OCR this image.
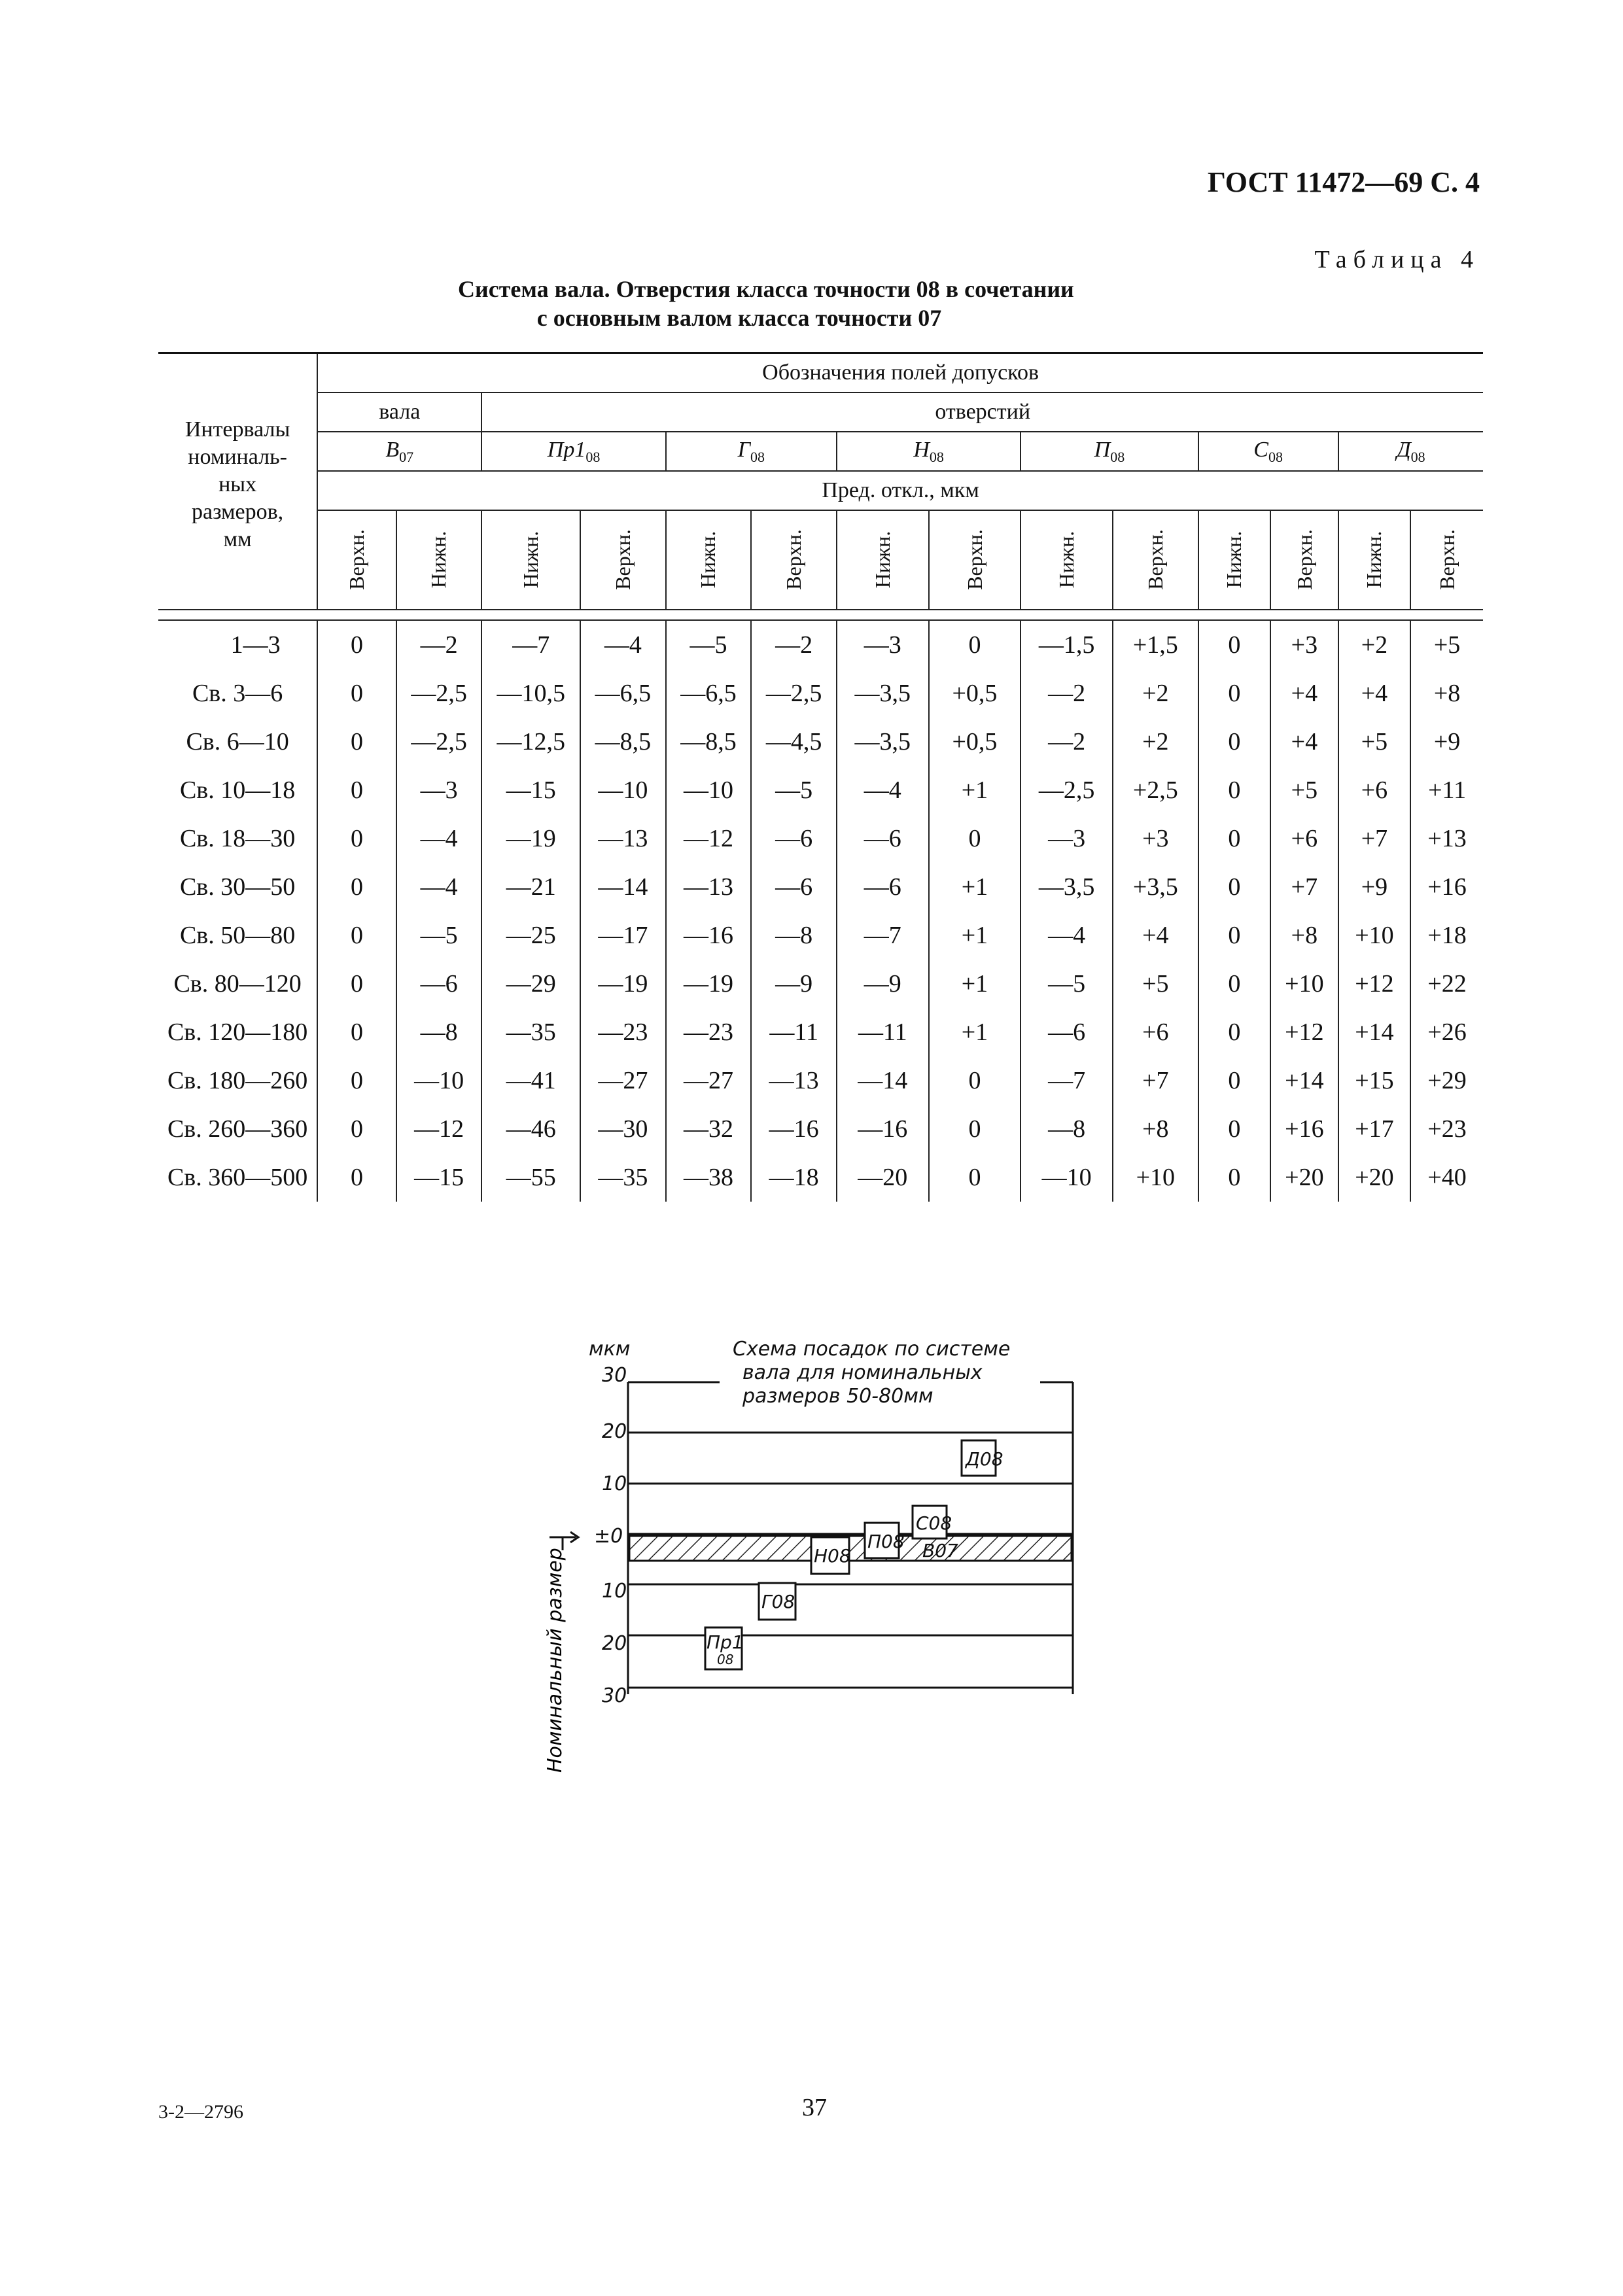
ГОСТ 11472—69 С. 4
Таблица 4
Система вала. Отверстия класса точности 08 в сочетании
с основным валом класса точности 07
Интервалы
номиналь-
ных
размеров,
мм	Обозначения полей допусков													
	вала		отверстий											
	$В_{07}$		$Пр1_{08}$		$Г_{08}$		$Н_{08}$		$П_{08}$		$С_{08}$		$Д_{08}$
	Пред. откл., мкм													
	Верхн.	Нижн.	Нижн.	Верхн.	Нижн.	Верхн.	Нижн.	Верхн.	Нижн.	Верхн.	Нижн.	Верхн.	Нижн.	Верхн.

1—3	0	—2	—7	—4	—5	—2	—3	0	—1,5	+1,5	0	+3	+2	+5
Св. 3—6	0	—2,5	—10,5	—6,5	—6,5	—2,5	—3,5	+0,5	—2	+2	0	+4	+4	+8
Св. 6—10	0	—2,5	—12,5	—8,5	—8,5	—4,5	—3,5	+0,5	—2	+2	0	+4	+5	+9
Св. 10—18	0	—3	—15	—10	—10	—5	—4	+1	—2,5	+2,5	0	+5	+6	+11
Св. 18—30	0	—4	—19	—13	—12	—6	—6	0	—3	+3	0	+6	+7	+13
Св. 30—50	0	—4	—21	—14	—13	—6	—6	+1	—3,5	+3,5	0	+7	+9	+16
Св. 50—80	0	—5	—25	—17	—16	—8	—7	+1	—4	+4	0	+8	+10	+18
Св. 80—120	0	—6	—29	—19	—19	—9	—9	+1	—5	+5	0	+10	+12	+22
Св. 120—180	0	—8	—35	—23	—23	—11	—11	+1	—6	+6	0	+12	+14	+26
Св. 180—260	0	—10	—41	—27	—27	—13	—14	0	—7	+7	0	+14	+15	+29
Св. 260—360	0	—12	—46	—30	—32	—16	—16	0	—8	+8	0	+16	+17	+23
Св. 360—500	0	—15	—55	—35	—38	—18	—20	0	—10	+10	0	+20	+20	+40
мкм	Схема посадок по системе
вала для номинальных
размеров 50-80мм
30
20
10
±0
10
20
30
Д08
С08
П08
Н08	В07
Г08
Пр1
08
Номинальный размер
3-2—2796	37
